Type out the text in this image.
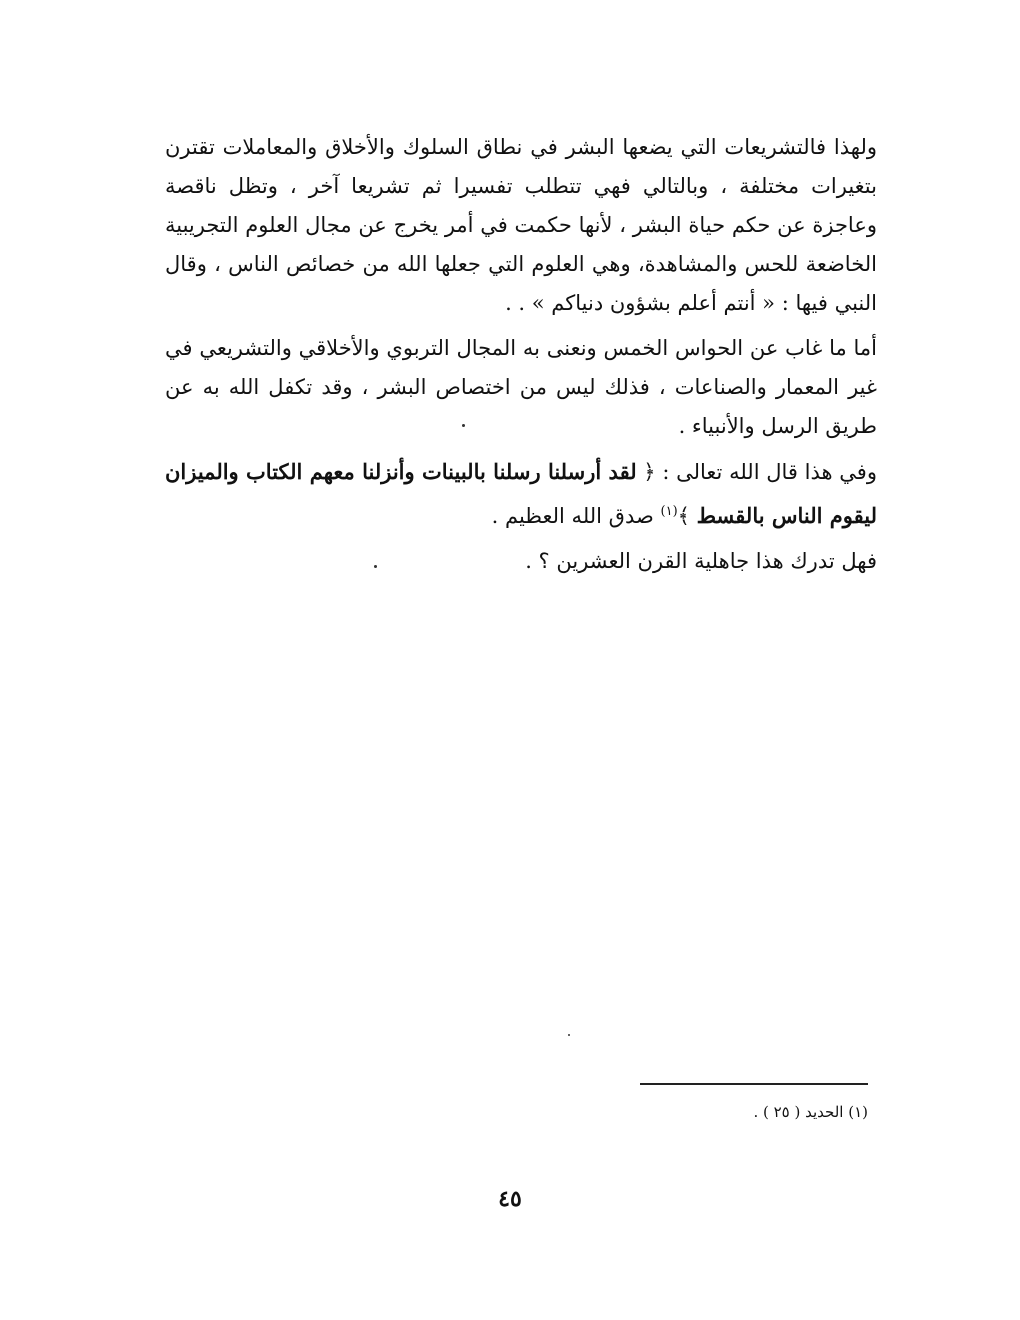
ولهذا فالتشريعات التي يضعها البشر في نطاق السلوك والأخلاق والمعاملات تقترن بتغيرات مختلفة ، وبالتالي فهي تتطلب تفسيرا ثم تشريعا آخر ، وتظل ناقصة وعاجزة عن حكم حياة البشر ، لأنها حكمت في أمر يخرج عن مجال العلوم التجريبية الخاضعة للحس والمشاهدة، وهي العلوم التي جعلها الله من خصائص الناس ، وقال النبي فيها : « أنتم أعلم بشؤون دنياكم » . .

أما ما غاب عن الحواس الخمس ونعنى به المجال التربوي والأخلاقي والتشريعي في غير المعمار والصناعات ، فذلك ليس من اختصاص البشر ، وقد تكفل الله به عن طريق الرسل والأنبياء .

وفي هذا قال الله تعالى : ﴿ لقد أرسلنا رسلنا بالبينات وأنزلنا معهم الكتاب والميزان ليقوم الناس بالقسط ﴾$^{(١)}$ صدق الله العظيم .

فهل تدرك هذا جاهلية القرن العشرين ؟ .

(١) الحديد ( ٢٥ ) .
٤٥
